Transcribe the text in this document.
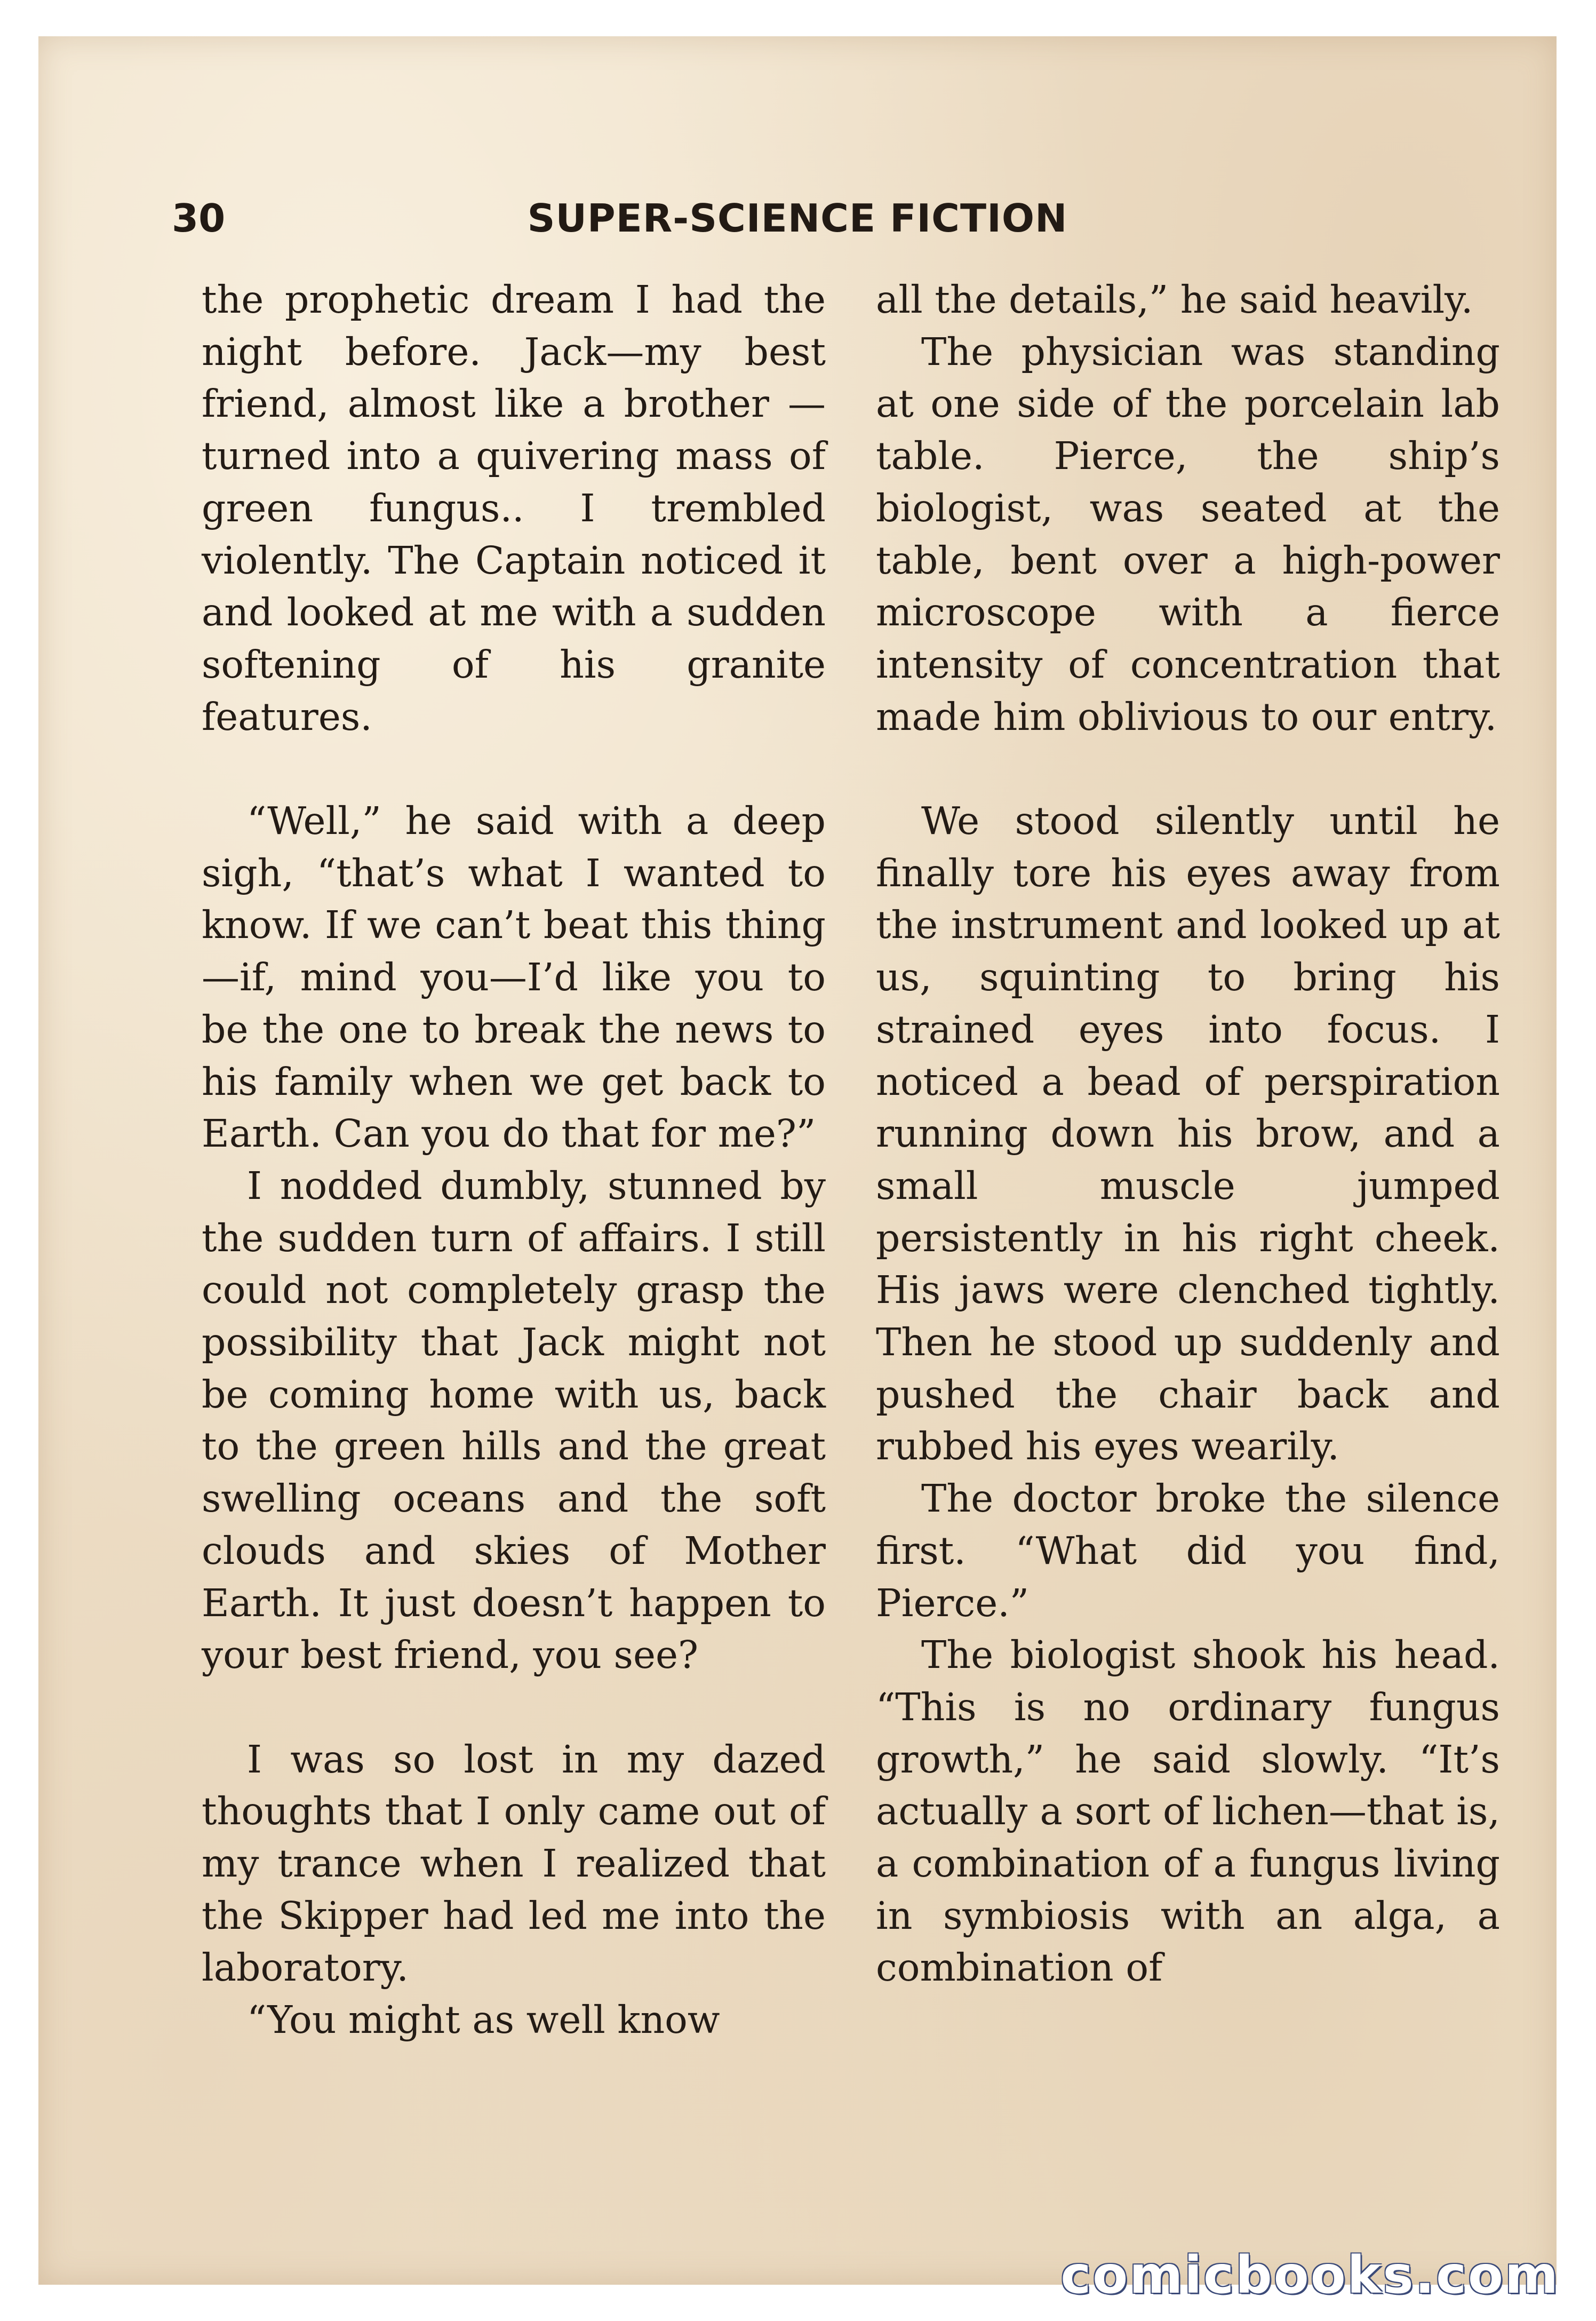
30	SUPER-SCIENCE FICTION

the prophetic dream I had the night before. Jack—my best friend, almost like a brother —turned into a quivering mass of green fungus.. I trembled violently. The Captain noticed it and looked at me with a sudden softening of his granite features.

“Well,” he said with a deep sigh, “that’s what I wanted to know. If we can’t beat this thing—if, mind you—I’d like you to be the one to break the news to his family when we get back to Earth. Can you do that for me?”

I nodded dumbly, stunned by the sudden turn of affairs. I still could not completely grasp the possibility that Jack might not be coming home with us, back to the green hills and the great swelling oceans and the soft clouds and skies of Mother Earth. It just doesn’t happen to your best friend, you see?

I was so lost in my dazed thoughts that I only came out of my trance when I realized that the Skipper had led me into the laboratory.

“You might as well know

all the details,” he said heavily.

The physician was standing at one side of the porcelain lab table. Pierce, the ship’s biologist, was seated at the table, bent over a high-power microscope with a fierce intensity of concentration that made him oblivious to our entry.

We stood silently until he finally tore his eyes away from the instrument and looked up at us, squinting to bring his strained eyes into focus. I noticed a bead of perspiration running down his brow, and a small muscle jumped persistently in his right cheek. His jaws were clenched tightly. Then he stood up suddenly and pushed the chair back and rubbed his eyes wearily.

The doctor broke the silence first. “What did you find, Pierce.”

The biologist shook his head. “This is no ordinary fungus growth,” he said slowly. “It’s actually a sort of lichen—that is, a combination of a fungus living in symbiosis with an alga, a combination of

comicbooks.com
